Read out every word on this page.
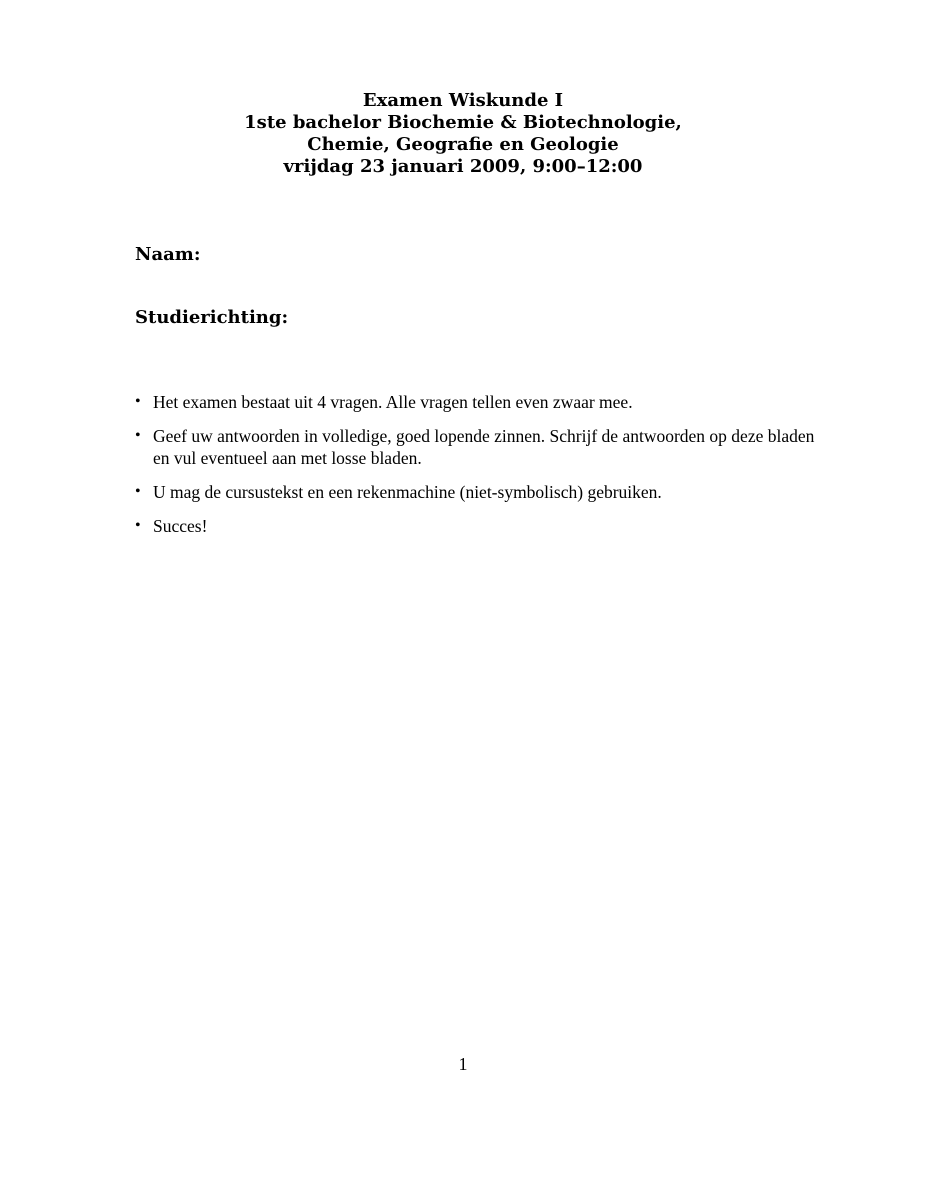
Examen Wiskunde I
1ste bachelor Biochemie & Biotechnologie,
Chemie, Geografie en Geologie
vrijdag 23 januari 2009, 9:00–12:00
Naam:
Studierichting:
• Het examen bestaat uit 4 vragen. Alle vragen tellen even zwaar mee.
• Geef uw antwoorden in volledige, goed lopende zinnen. Schrijf de antwoorden op deze bladen en vul eventueel aan met losse bladen.
• U mag de cursustekst en een rekenmachine (niet-symbolisch) gebruiken.
• Succes!
1
